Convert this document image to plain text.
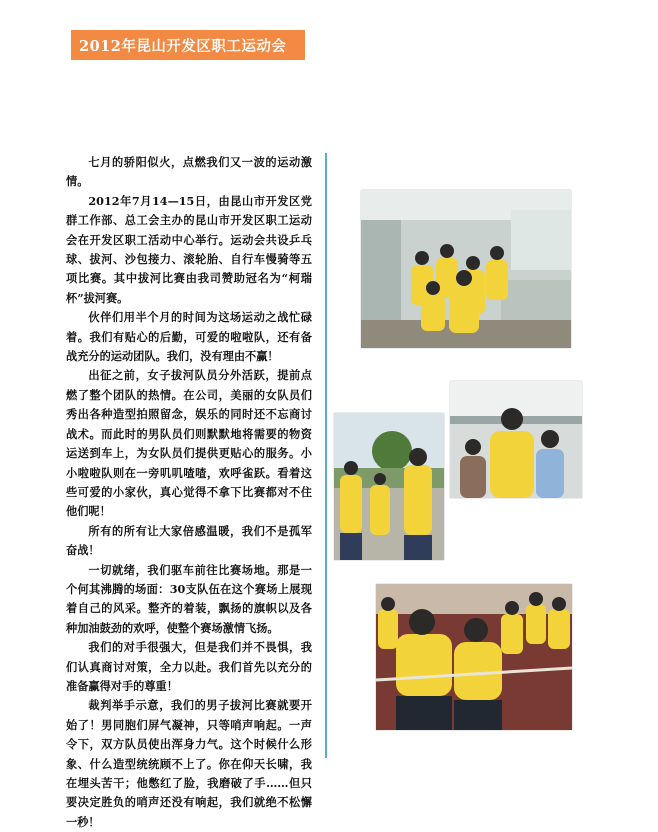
2012年昆山开发区职工运动会

七月的骄阳似火，点燃我们又一波的运动激情。

2012年7月14—15日，由昆山市开发区党群工作部、总工会主办的昆山市开发区职工运动会在开发区职工活动中心举行。运动会共设乒乓球、拔河、沙包接力、滚轮胎、自行车慢骑等五项比赛。其中拔河比赛由我司赞助冠名为“柯瑞杯”拔河赛。

伙伴们用半个月的时间为这场运动之战忙碌着。我们有贴心的后勤，可爱的啦啦队，还有备战充分的运动团队。我们，没有理由不赢！

出征之前，女子拔河队员分外活跃，提前点燃了整个团队的热情。在公司，美丽的女队员们秀出各种造型拍照留念，娱乐的同时还不忘商讨战术。而此时的男队员们则默默地将需要的物资运送到车上，为女队员们提供更贴心的服务。小小啦啦队则在一旁叽叽喳喳，欢呼雀跃。看着这些可爱的小家伙，真心觉得不拿下比赛都对不住他们呢！

所有的所有让大家倍感温暖，我们不是孤军奋战！

一切就绪，我们驱车前往比赛场地。那是一个何其沸腾的场面：30支队伍在这个赛场上展现着自己的风采。整齐的着装，飘扬的旗帜以及各种加油鼓劲的欢呼，使整个赛场激情飞扬。

我们的对手很强大，但是我们并不畏惧，我们认真商讨对策，全力以赴。我们首先以充分的准备赢得对手的尊重！

裁判举手示意，我们的男子拔河比赛就要开始了！男同胞们屏气凝神，只等哨声响起。一声令下，双方队员使出浑身力气。这个时候什么形象、什么造型统统顾不上了。你在仰天长啸，我在埋头苦干；他憋红了脸，我磨破了手……但只要决定胜负的哨声还没有响起，我们就绝不松懈一秒！
